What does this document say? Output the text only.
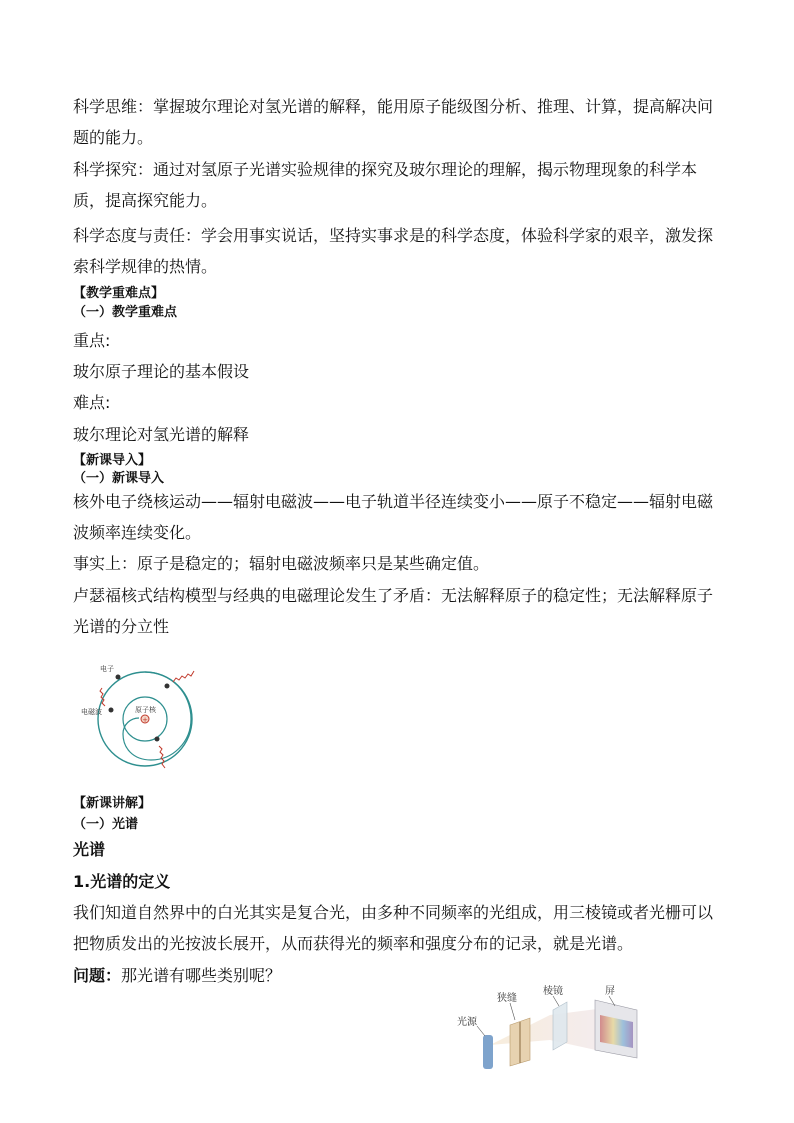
科学思维：掌握玻尔理论对氢光谱的解释，能用原子能级图分析、推理、计算，提高解决问题的能力。

科学探究：通过对氢原子光谱实验规律的探究及玻尔理论的理解，揭示物理现象的科学本质，提高探究能力。

科学态度与责任：学会用事实说话，坚持实事求是的科学态度，体验科学家的艰辛，激发探索科学规律的热情。

【教学重难点】

（一）教学重难点

重点:

玻尔原子理论的基本假设

难点:

玻尔理论对氢光谱的解释

【新课导入】

（一）新课导入

核外电子绕核运动——辐射电磁波——电子轨道半径连续变小——原子不稳定——辐射电磁波频率连续变化。

事实上：原子是稳定的；辐射电磁波频率只是某些确定值。

卢瑟福核式结构模型与经典的电磁理论发生了矛盾：无法解释原子的稳定性；无法解释原子光谱的分立性

+
电子
电磁波	原子核

【新课讲解】

（一）光谱

光谱

1.光谱的定义

我们知道自然界中的白光其实是复合光，由多种不同频率的光组成，用三棱镜或者光栅可以把物质发出的光按波长展开，从而获得光的频率和强度分布的记录，就是光谱。

问题：那光谱有哪些类别呢？

光源
狭缝
棱镜	屏
